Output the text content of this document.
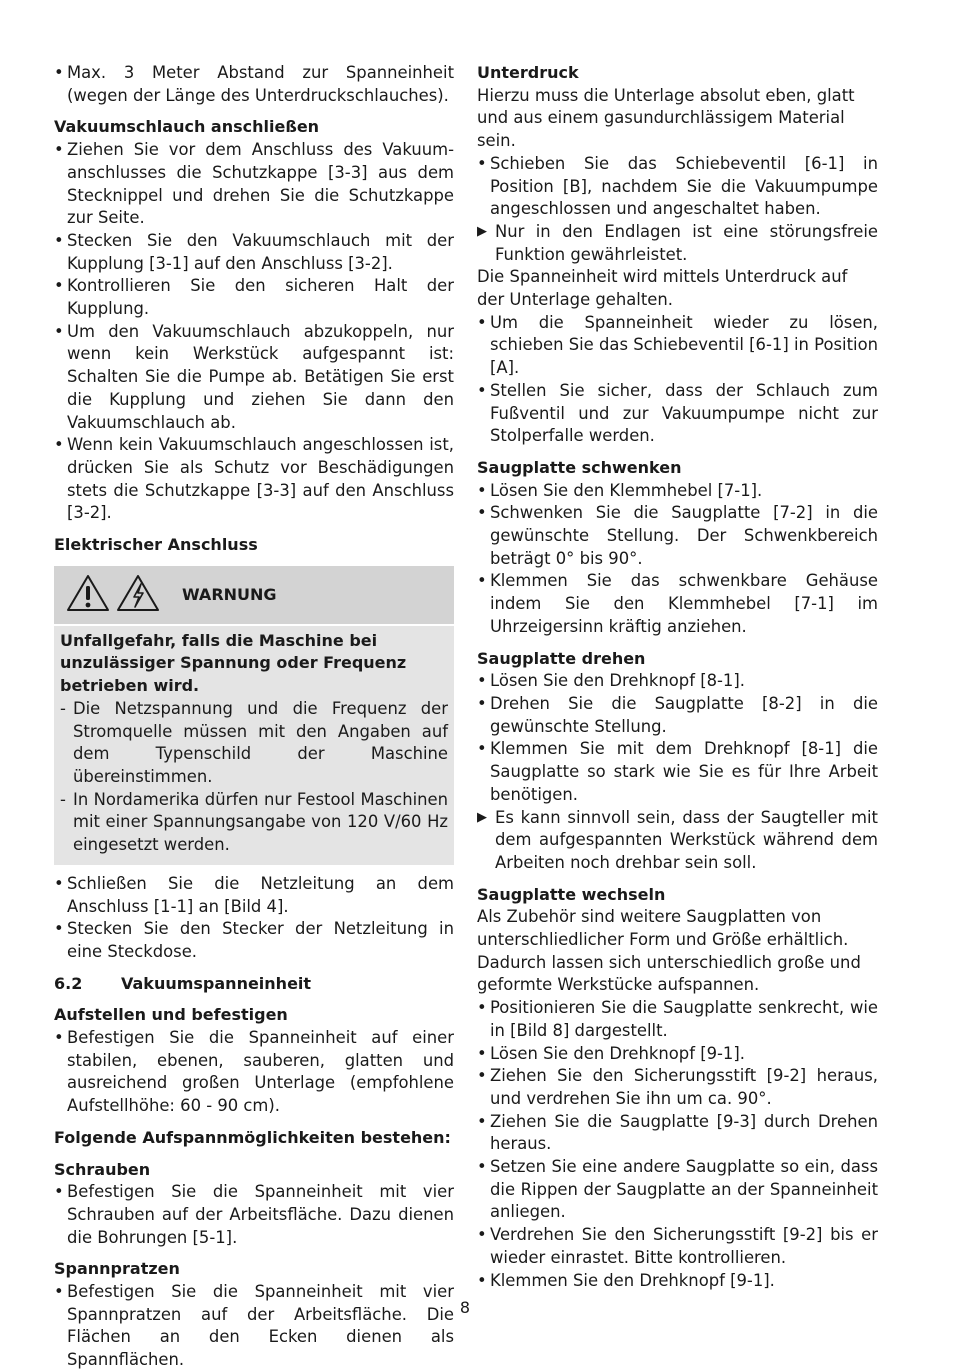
• Max. 3 Meter Abstand zur Spanneinheit (wegen der Länge des Unterdruckschlauches).

Vakuumschlauch anschließen

• Ziehen Sie vor dem Anschluss des Vakuumanschlusses die Schutzkappe [3-3] aus dem Stecknippel und drehen Sie die Schutzkappe zur Seite.

• Stecken Sie den Vakuumschlauch mit der Kupplung [3-1] auf den Anschluss [3-2].

• Kontrollieren Sie den sicheren Halt der Kupplung.

• Um den Vakuumschlauch abzukoppeln, nur wenn kein Werkstück aufgespannt ist: Schalten Sie die Pumpe ab. Betätigen Sie erst die Kupplung und ziehen Sie dann den Vakuumschlauch ab.

• Wenn kein Vakuumschlauch angeschlossen ist, drücken Sie als Schutz vor Beschädigungen stets die Schutzkappe [3-3] auf den Anschluss [3-2].

Elektrischer Anschluss
WARNUNG

Unfallgefahr, falls die Maschine bei unzulässiger Spannung oder Frequenz betrieben wird.

- Die Netzspannung und die Frequenz der Stromquelle müssen mit den Angaben auf dem Typenschild der Maschine übereinstimmen.

- In Nordamerika dürfen nur Festool Maschinen mit einer Spannungsangabe von 120 V/60 Hz eingesetzt werden.

• Schließen Sie die Netzleitung an dem Anschluss [1-1] an [Bild 4].

• Stecken Sie den Stecker der Netzleitung in eine Steckdose.

6.2	Vakuumspanneinheit
Aufstellen und befestigen

• Befestigen Sie die Spanneinheit auf einer stabilen, ebenen, sauberen, glatten und ausreichend großen Unterlage (empfohlene Aufstellhöhe: 60 - 90 cm).

Folgende Aufspannmöglichkeiten bestehen:
Schrauben

• Befestigen Sie die Spanneinheit mit vier Schrauben auf der Arbeitsfläche. Dazu dienen die Bohrungen [5-1].

Spannpratzen

• Befestigen Sie die Spanneinheit mit vier Spannpratzen auf der Arbeitsfläche. Die Flächen an den Ecken dienen als Spannflächen.

Unterdruck

Hierzu muss die Unterlage absolut eben, glatt und aus einem gasundurchlässigem Material sein.

• Schieben Sie das Schiebeventil [6-1] in Position [B], nachdem Sie die Vakuumpumpe angeschlossen und angeschaltet haben.

▶ Nur in den Endlagen ist eine störungsfreie Funktion gewährleistet.

Die Spanneinheit wird mittels Unterdruck auf der Unterlage gehalten.

• Um die Spanneinheit wieder zu lösen, schieben Sie das Schiebeventil [6-1] in Position [A].

• Stellen Sie sicher, dass der Schlauch zum Fußventil und zur Vakuumpumpe nicht zur Stolperfalle werden.

Saugplatte schwenken

• Lösen Sie den Klemmhebel [7-1].

• Schwenken Sie die Saugplatte [7-2] in die gewünschte Stellung. Der Schwenkbereich beträgt 0° bis 90°.

• Klemmen Sie das schwenkbare Gehäuse indem Sie den Klemmhebel [7-1] im Uhrzeigersinn kräftig anziehen.

Saugplatte drehen

• Lösen Sie den Drehknopf [8-1].

• Drehen Sie die Saugplatte [8-2] in die gewünschte Stellung.

• Klemmen Sie mit dem Drehknopf [8-1] die Saugplatte so stark wie Sie es für Ihre Arbeit benötigen.

▶ Es kann sinnvoll sein, dass der Saugteller mit dem aufgespannten Werkstück während dem Arbeiten noch drehbar sein soll.

Saugplatte wechseln

Als Zubehör sind weitere Saugplatten von unterschliedlicher Form und Größe erhältlich. Dadurch lassen sich unterschiedlich große und geformte Werkstücke aufspannen.

• Positionieren Sie die Saugplatte senkrecht, wie in [Bild 8] dargestellt.

• Lösen Sie den Drehknopf [9-1].

• Ziehen Sie den Sicherungsstift [9-2] heraus, und verdrehen Sie ihn um ca. 90°.

• Ziehen Sie die Saugplatte [9-3] durch Drehen heraus.

• Setzen Sie eine andere Saugplatte so ein, dass die Rippen der Saugplatte an der Spanneinheit anliegen.

• Verdrehen Sie den Sicherungsstift [9-2] bis er wieder einrastet. Bitte kontrollieren.

• Klemmen Sie den Drehknopf [9-1].

8
